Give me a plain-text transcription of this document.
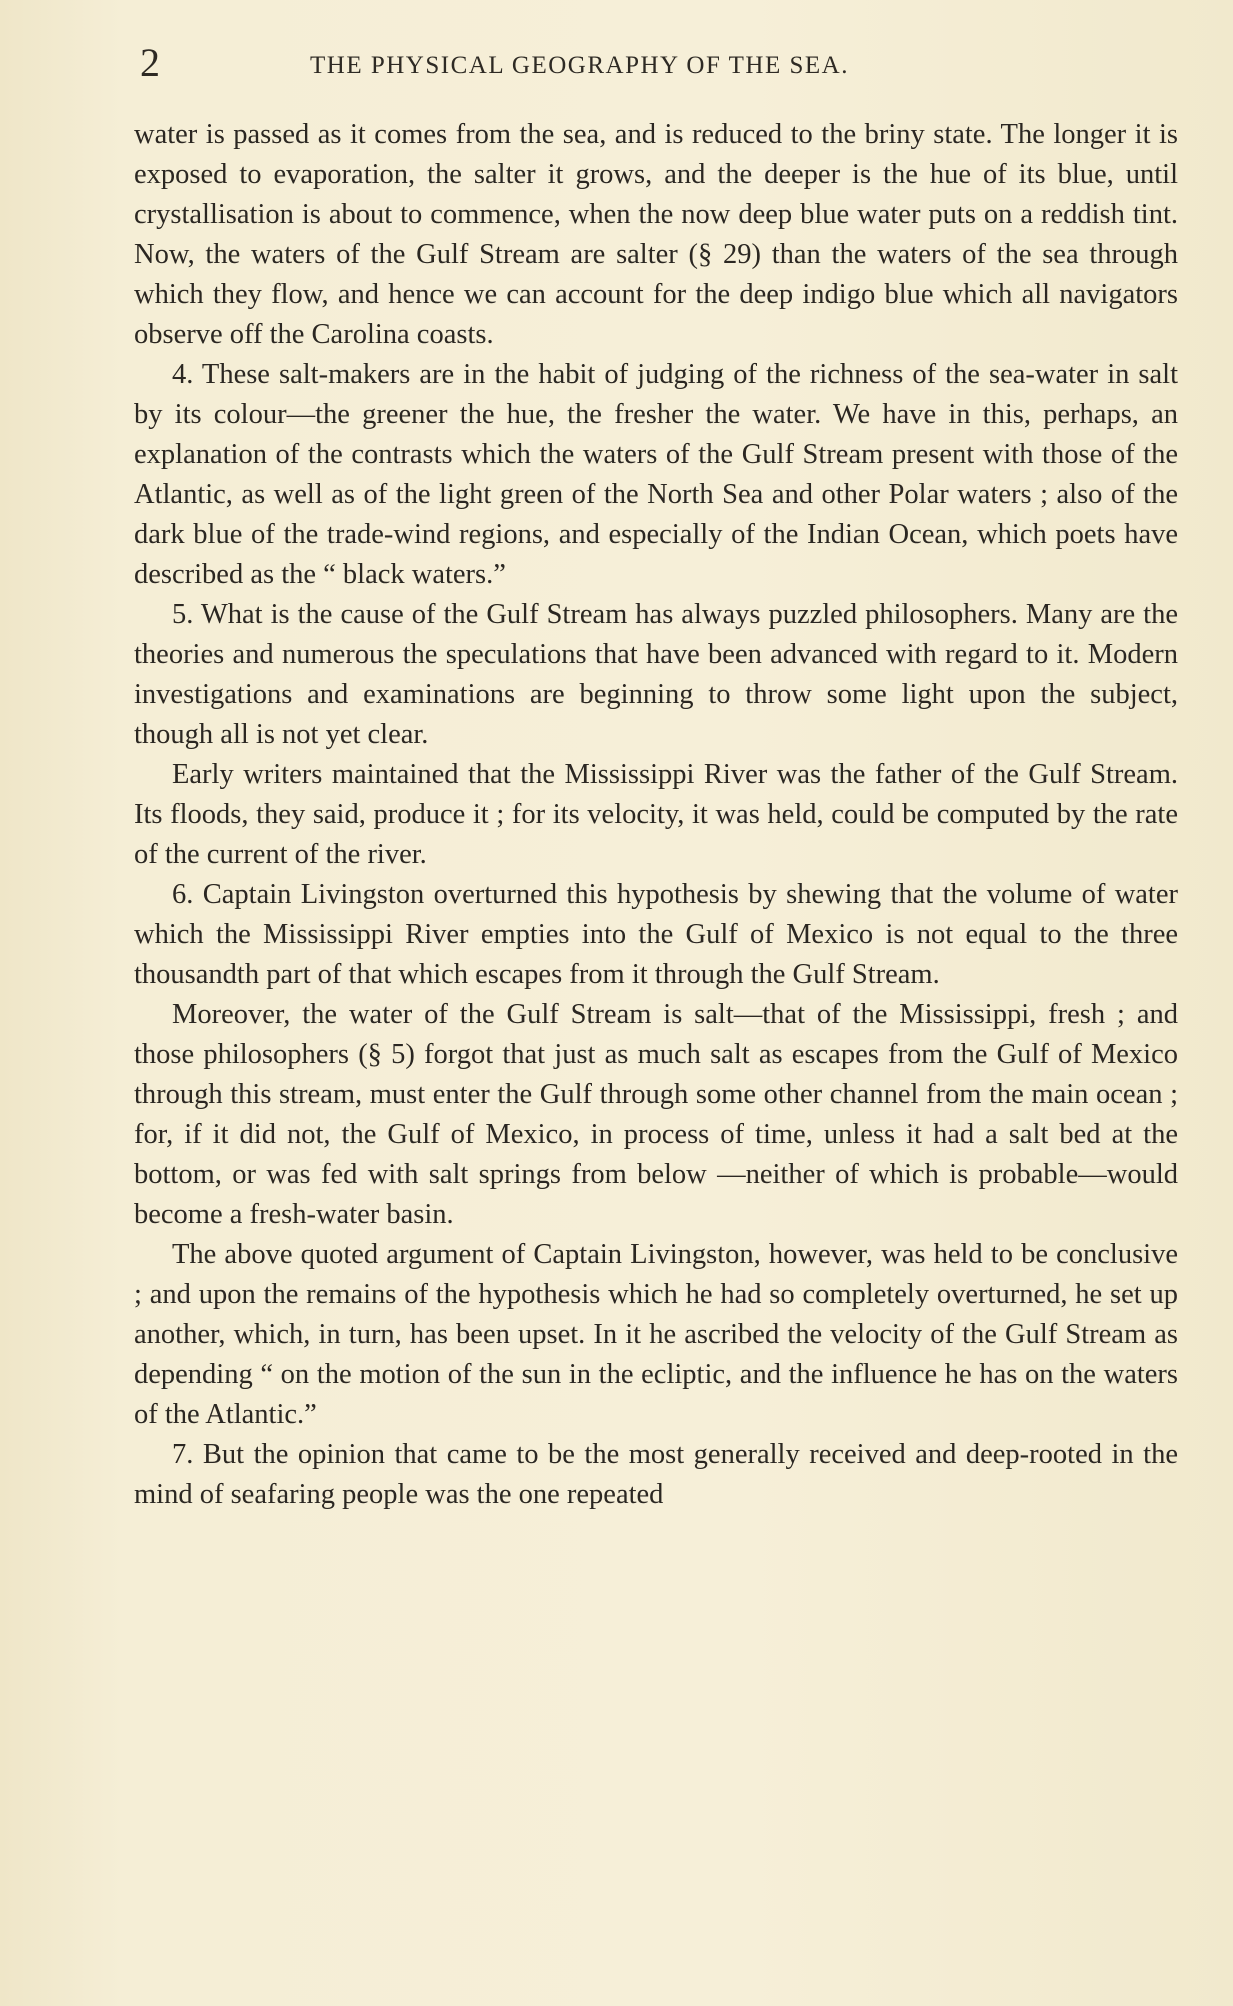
2	THE PHYSICAL GEOGRAPHY OF THE SEA.

water is passed as it comes from the sea, and is reduced to the briny state. The longer it is exposed to evaporation, the salter it grows, and the deeper is the hue of its blue, until crystallisation is about to commence, when the now deep blue water puts on a reddish tint. Now, the waters of the Gulf Stream are salter (§ 29) than the waters of the sea through which they flow, and hence we can account for the deep indigo blue which all navigators observe off the Carolina coasts.

4. These salt-makers are in the habit of judging of the richness of the sea-water in salt by its colour—the greener the hue, the fresher the water. We have in this, perhaps, an explanation of the contrasts which the waters of the Gulf Stream present with those of the Atlantic, as well as of the light green of the North Sea and other Polar waters ; also of the dark blue of the trade-wind regions, and especially of the Indian Ocean, which poets have described as the “ black waters.”

5. What is the cause of the Gulf Stream has always puzzled philosophers. Many are the theories and numerous the speculations that have been advanced with regard to it. Modern investigations and examinations are beginning to throw some light upon the subject, though all is not yet clear.

Early writers maintained that the Mississippi River was the father of the Gulf Stream. Its floods, they said, produce it ; for its velocity, it was held, could be computed by the rate of the current of the river.

6. Captain Livingston overturned this hypothesis by shewing that the volume of water which the Mississippi River empties into the Gulf of Mexico is not equal to the three thousandth part of that which escapes from it through the Gulf Stream.

Moreover, the water of the Gulf Stream is salt—that of the Mississippi, fresh ; and those philosophers (§ 5) forgot that just as much salt as escapes from the Gulf of Mexico through this stream, must enter the Gulf through some other channel from the main ocean ; for, if it did not, the Gulf of Mexico, in process of time, unless it had a salt bed at the bottom, or was fed with salt springs from below —neither of which is probable—would become a fresh-water basin.

The above quoted argument of Captain Livingston, however, was held to be conclusive ; and upon the remains of the hypothesis which he had so completely overturned, he set up another, which, in turn, has been upset. In it he ascribed the velocity of the Gulf Stream as depending “ on the motion of the sun in the ecliptic, and the influence he has on the waters of the Atlantic.”

7. But the opinion that came to be the most generally received and deep-rooted in the mind of seafaring people was the one repeated
